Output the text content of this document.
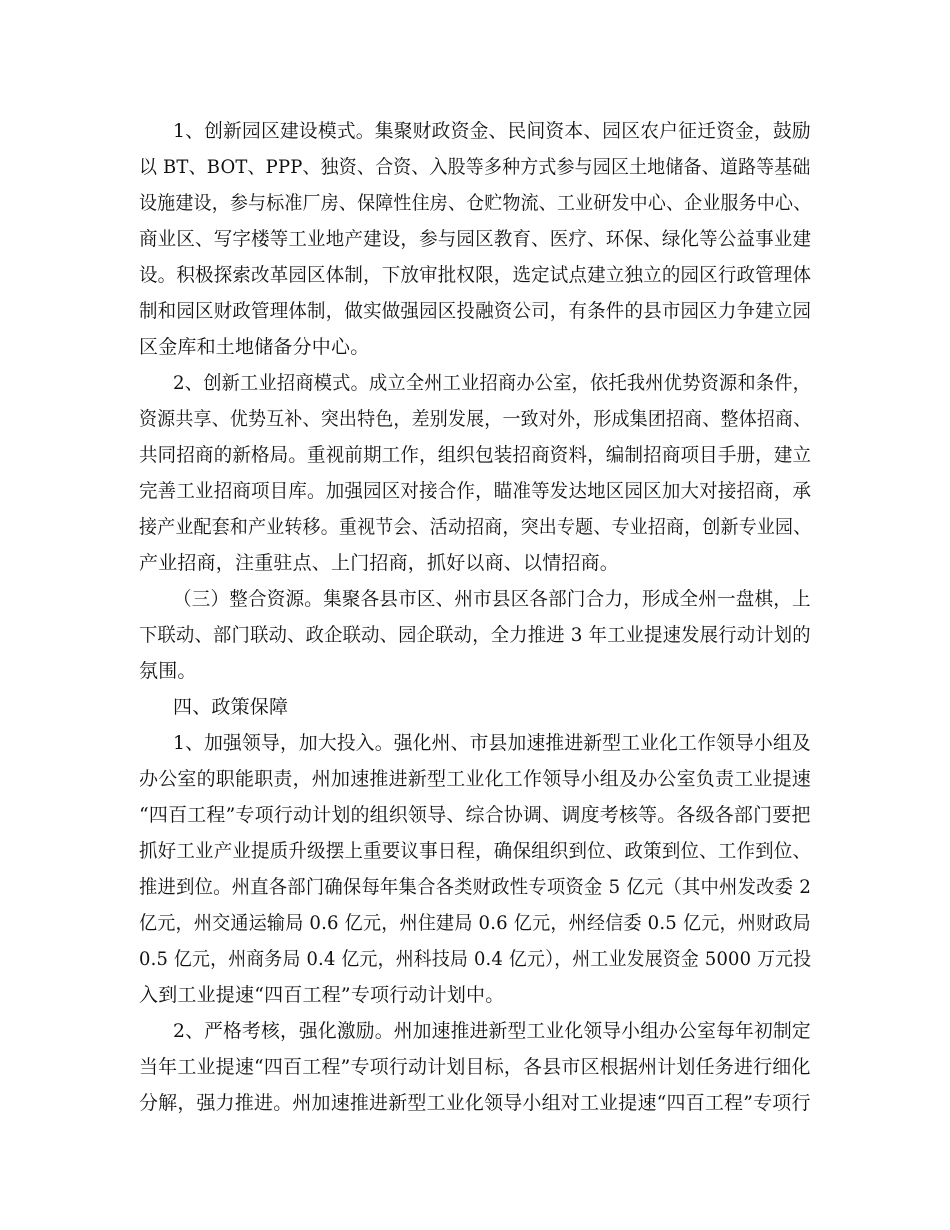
1、创新园区建设模式。集聚财政资金、民间资本、园区农户征迁资金，鼓励
以 BT、BOT、PPP、独资、合资、入股等多种方式参与园区土地储备、道路等基础
设施建设，参与标准厂房、保障性住房、仓贮物流、工业研发中心、企业服务中心、
商业区、写字楼等工业地产建设，参与园区教育、医疗、环保、绿化等公益事业建
设。积极探索改革园区体制，下放审批权限，选定试点建立独立的园区行政管理体
制和园区财政管理体制，做实做强园区投融资公司，有条件的县市园区力争建立园
区金库和土地储备分中心。
2、创新工业招商模式。成立全州工业招商办公室，依托我州优势资源和条件，
资源共享、优势互补、突出特色，差别发展，一致对外，形成集团招商、整体招商、
共同招商的新格局。重视前期工作，组织包装招商资料，编制招商项目手册，建立
完善工业招商项目库。加强园区对接合作，瞄准等发达地区园区加大对接招商，承
接产业配套和产业转移。重视节会、活动招商，突出专题、专业招商，创新专业园、
产业招商，注重驻点、上门招商，抓好以商、以情招商。
（三）整合资源。集聚各县市区、州市县区各部门合力，形成全州一盘棋，上
下联动、部门联动、政企联动、园企联动，全力推进 3 年工业提速发展行动计划的
氛围。
四、政策保障
1、加强领导，加大投入。强化州、市县加速推进新型工业化工作领导小组及
办公室的职能职责，州加速推进新型工业化工作领导小组及办公室负责工业提速
“四百工程”专项行动计划的组织领导、综合协调、调度考核等。各级各部门要把
抓好工业产业提质升级摆上重要议事日程，确保组织到位、政策到位、工作到位、
推进到位。州直各部门确保每年集合各类财政性专项资金 5 亿元（其中州发改委 2
亿元，州交通运输局 0.6 亿元，州住建局 0.6 亿元，州经信委 0.5 亿元，州财政局
0.5 亿元，州商务局 0.4 亿元，州科技局 0.4 亿元），州工业发展资金 5000 万元投
入到工业提速“四百工程”专项行动计划中。
2、严格考核，强化激励。州加速推进新型工业化领导小组办公室每年初制定
当年工业提速“四百工程”专项行动计划目标，各县市区根据州计划任务进行细化
分解，强力推进。州加速推进新型工业化领导小组对工业提速“四百工程”专项行
